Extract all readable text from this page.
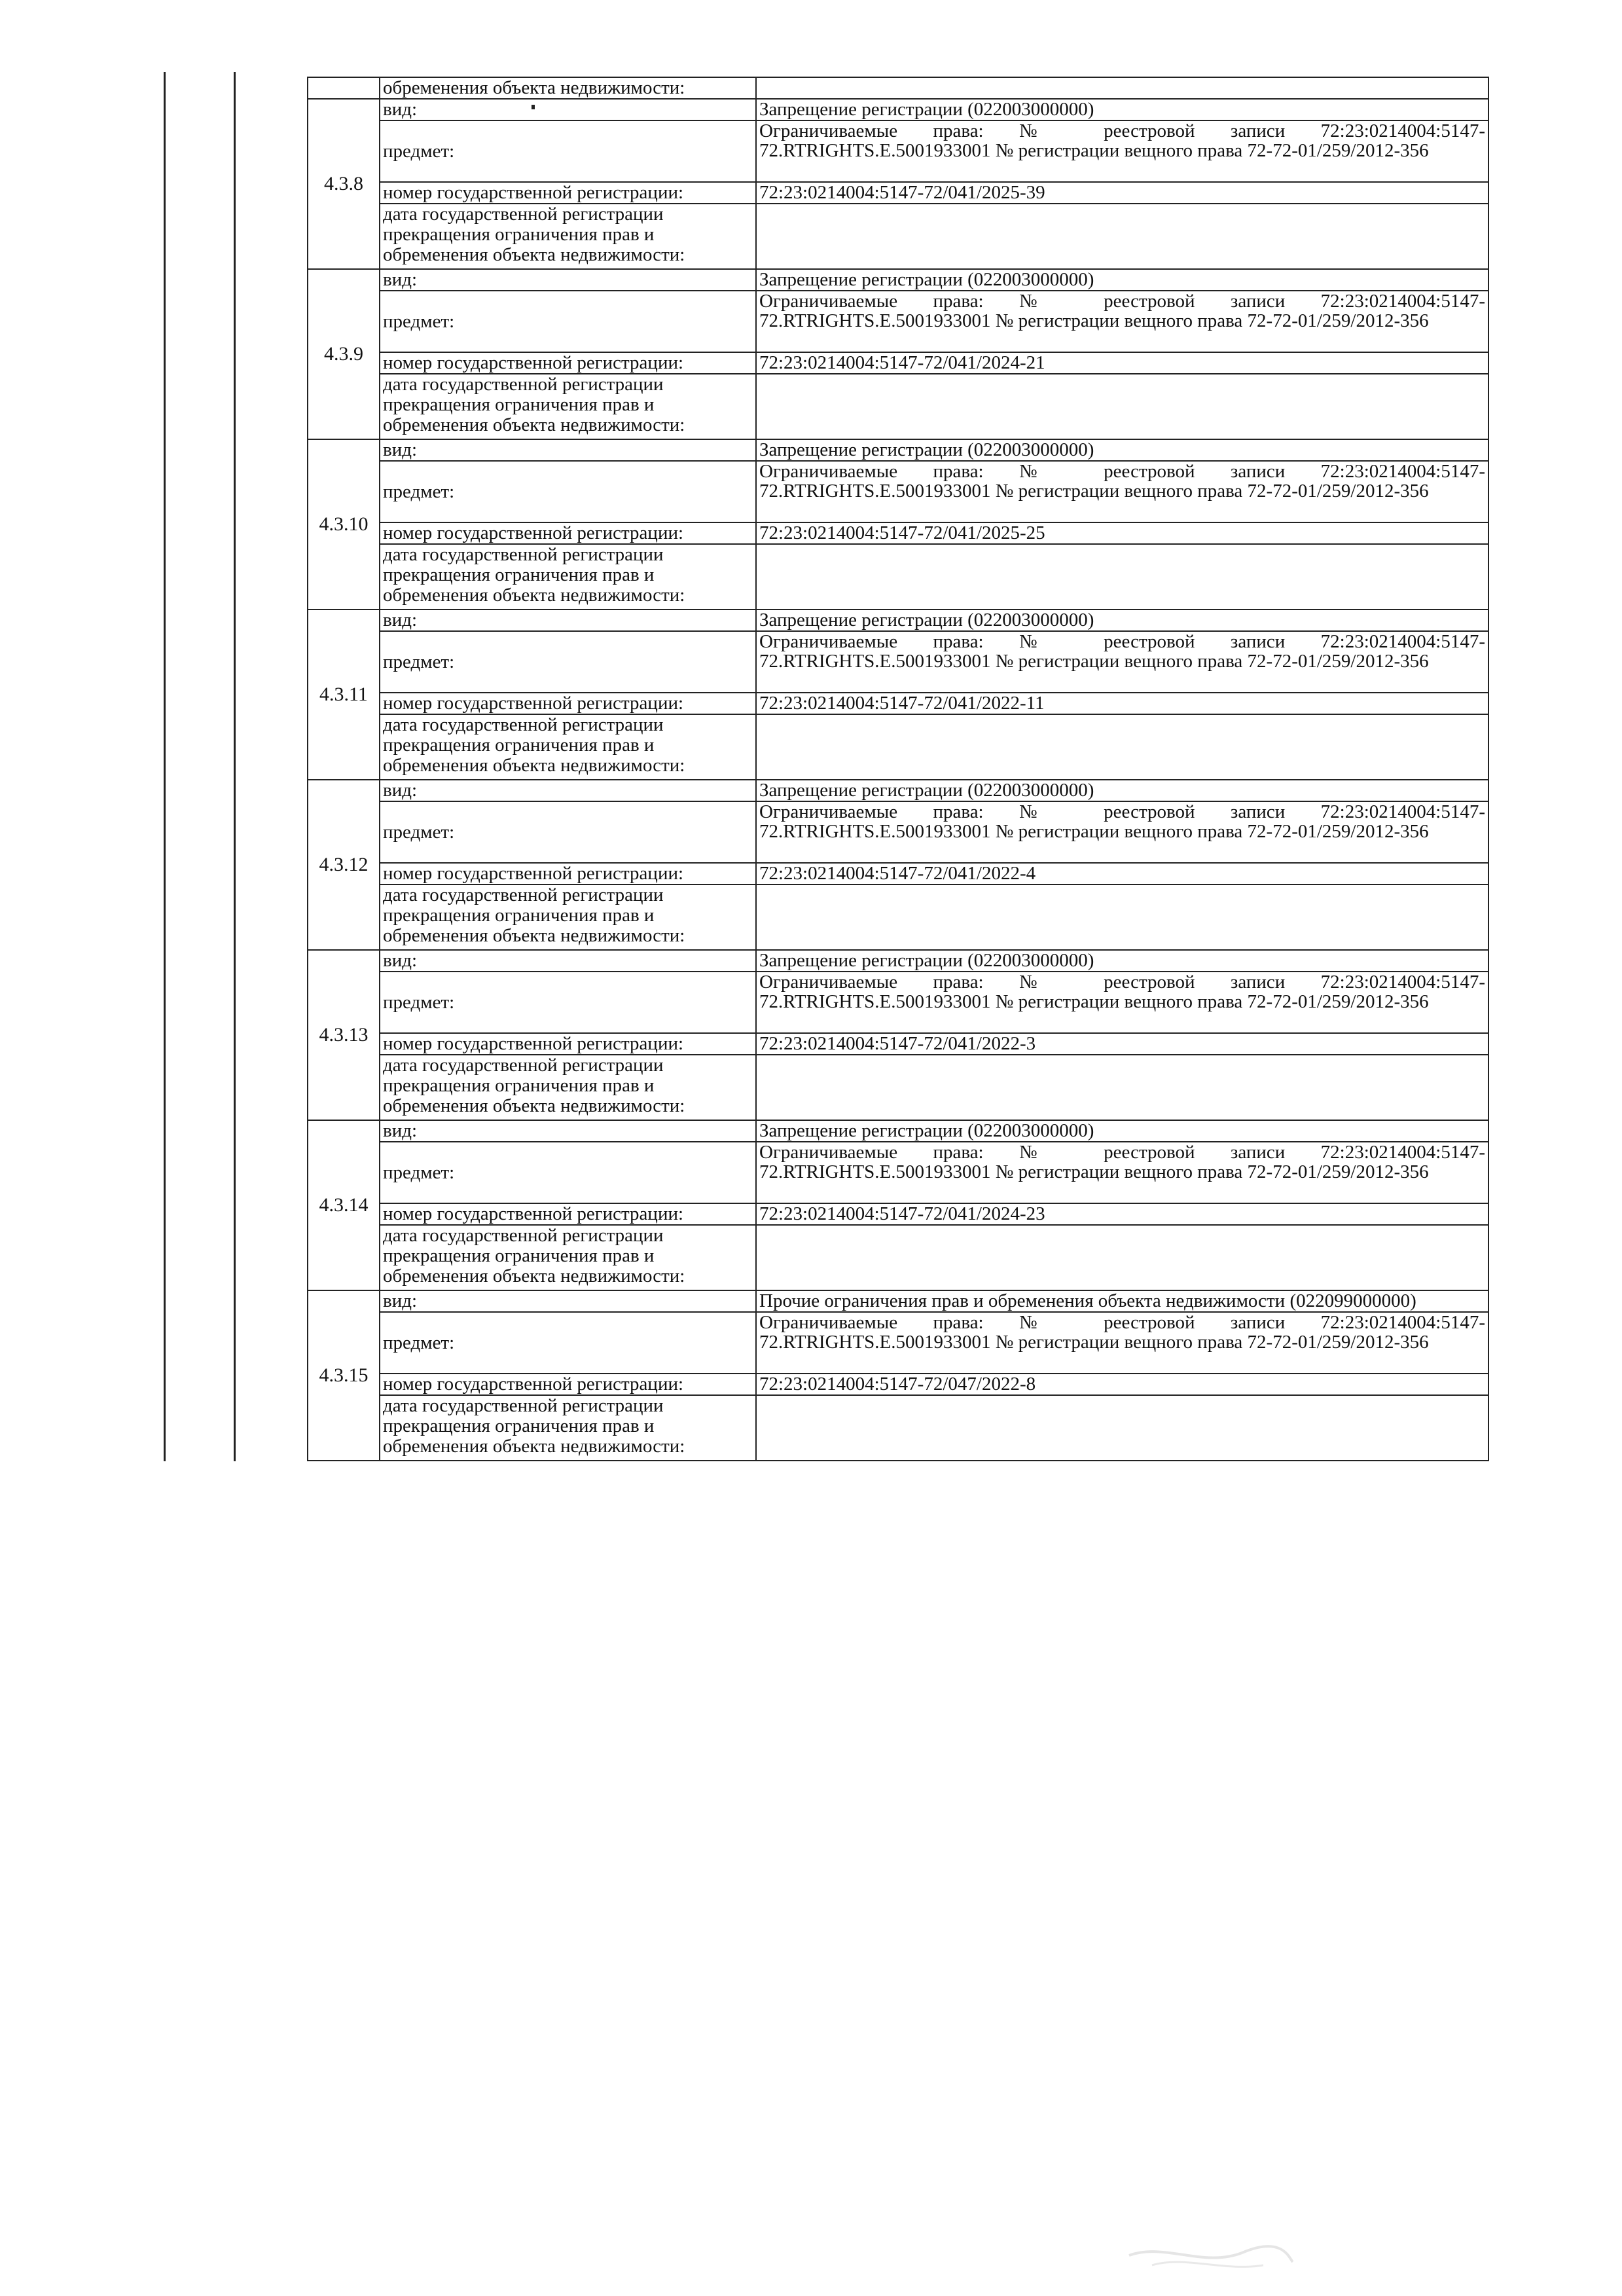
	обременения объекта недвижимости:	
4.3.8	вид:	Запрещение регистрации (022003000000)
	предмет:	Ограничиваемые права: № реестровой записи 72:23:0214004:5147-72.RTRIGHTS.E.5001933001 № регистрации вещного права 72-72-01/259/2012-356
	номер государственной регистрации:	72:23:0214004:5147-72/041/2025-39

	дата государственной регистрации
прекращения ограничения прав и
обременения объекта недвижимости:	

4.3.9	вид:	Запрещение регистрации (022003000000)
	предмет:	Ограничиваемые права: № реестровой записи 72:23:0214004:5147-72.RTRIGHTS.E.5001933001 № регистрации вещного права 72-72-01/259/2012-356
	номер государственной регистрации:	72:23:0214004:5147-72/041/2024-21

	дата государственной регистрации
прекращения ограничения прав и
обременения объекта недвижимости:	

4.3.10	вид:	Запрещение регистрации (022003000000)
	предмет:	Ограничиваемые права: № реестровой записи 72:23:0214004:5147-72.RTRIGHTS.E.5001933001 № регистрации вещного права 72-72-01/259/2012-356
	номер государственной регистрации:	72:23:0214004:5147-72/041/2025-25

	дата государственной регистрации
прекращения ограничения прав и
обременения объекта недвижимости:	

4.3.11	вид:	Запрещение регистрации (022003000000)
	предмет:	Ограничиваемые права: № реестровой записи 72:23:0214004:5147-72.RTRIGHTS.E.5001933001 № регистрации вещного права 72-72-01/259/2012-356
	номер государственной регистрации:	72:23:0214004:5147-72/041/2022-11

	дата государственной регистрации
прекращения ограничения прав и
обременения объекта недвижимости:	

4.3.12	вид:	Запрещение регистрации (022003000000)
	предмет:	Ограничиваемые права: № реестровой записи 72:23:0214004:5147-72.RTRIGHTS.E.5001933001 № регистрации вещного права 72-72-01/259/2012-356
	номер государственной регистрации:	72:23:0214004:5147-72/041/2022-4

	дата государственной регистрации
прекращения ограничения прав и
обременения объекта недвижимости:	

4.3.13	вид:	Запрещение регистрации (022003000000)
	предмет:	Ограничиваемые права: № реестровой записи 72:23:0214004:5147-72.RTRIGHTS.E.5001933001 № регистрации вещного права 72-72-01/259/2012-356
	номер государственной регистрации:	72:23:0214004:5147-72/041/2022-3

	дата государственной регистрации
прекращения ограничения прав и
обременения объекта недвижимости:	

4.3.14	вид:	Запрещение регистрации (022003000000)
	предмет:	Ограничиваемые права: № реестровой записи 72:23:0214004:5147-72.RTRIGHTS.E.5001933001 № регистрации вещного права 72-72-01/259/2012-356
	номер государственной регистрации:	72:23:0214004:5147-72/041/2024-23

	дата государственной регистрации
прекращения ограничения прав и
обременения объекта недвижимости:	

4.3.15	вид:	Прочие ограничения прав и обременения объекта недвижимости (022099000000)
	предмет:	Ограничиваемые права: № реестровой записи 72:23:0214004:5147-72.RTRIGHTS.E.5001933001 № регистрации вещного права 72-72-01/259/2012-356
	номер государственной регистрации:	72:23:0214004:5147-72/047/2022-8

	дата государственной регистрации
прекращения ограничения прав и
обременения объекта недвижимости:	
